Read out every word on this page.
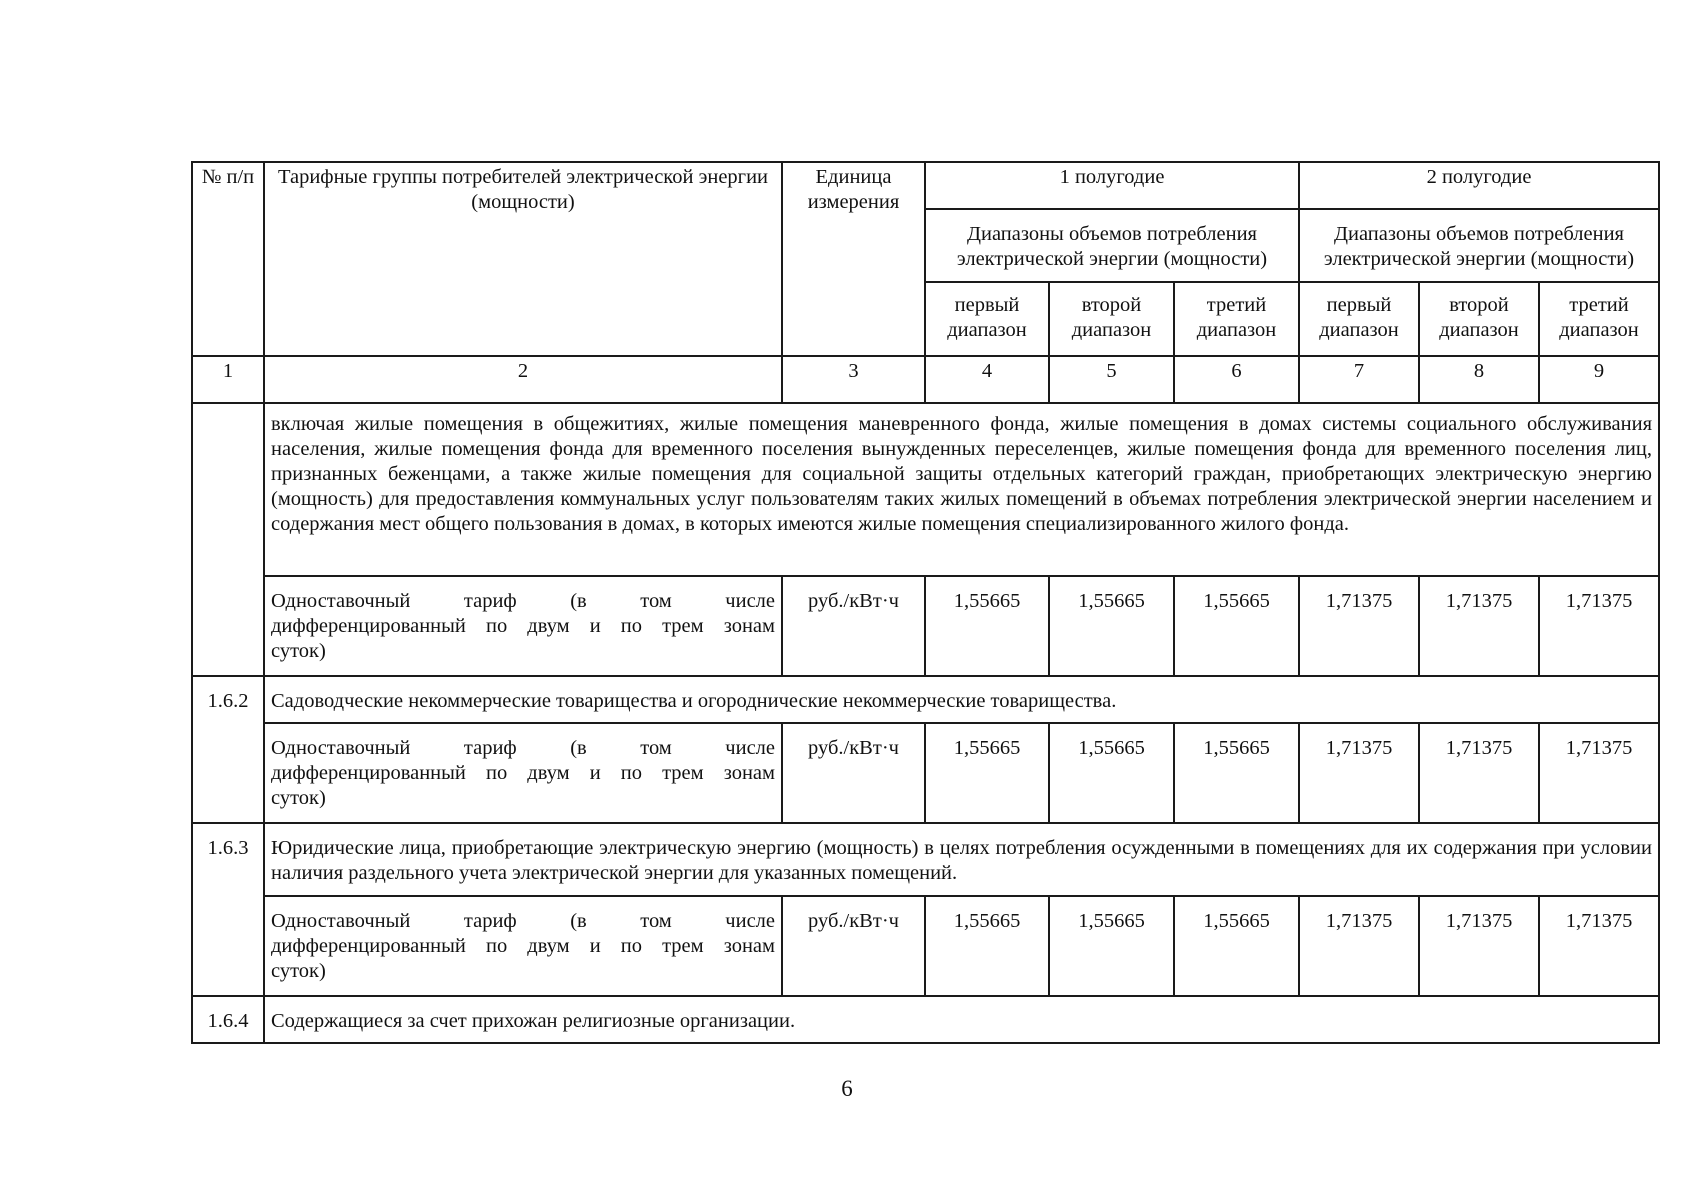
№ п/п	Тарифные группы потребителей электрической энергии (мощности)	Единица измерения	1 полугодие			2 полугодие		
			Диапазоны объемов потребления электрической энергии (мощности)			Диапазоны объемов потребления электрической энергии (мощности)		
			первый диапазон	второй диапазон	третий диапазон	первый диапазон	второй диапазон	третий диапазон
1	2	3	4	5	6	7	8	9
	включая жилые помещения в общежитиях, жилые помещения маневренного фонда, жилые помещения в домах системы социального обслуживания населения, жилые помещения фонда для временного поселения вынужденных переселенцев, жилые помещения фонда для временного поселения лиц, признанных беженцами, а также жилые помещения для социальной защиты отдельных категорий граждан, приобретающих электрическую энергию (мощность) для предоставления коммунальных услуг пользователям таких жилых помещений в объемах потребления электрической энергии населением и содержания мест общего пользования в домах, в которых имеются жилые помещения специализированного жилого фонда.							

	Одноставочный тариф (в том числе
дифференцированный по двум и по трем зонам
суток)	руб./кВт·ч	1,55665	1,55665	1,55665	1,71375	1,71375	1,71375
1.6.2	Садоводческие некоммерческие товарищества и огороднические некоммерческие товарищества.							

	Одноставочный тариф (в том числе
дифференцированный по двум и по трем зонам
суток)	руб./кВт·ч	1,55665	1,55665	1,55665	1,71375	1,71375	1,71375
1.6.3	Юридические лица, приобретающие электрическую энергию (мощность) в целях потребления осужденными в помещениях для их содержания при условии наличия раздельного учета электрической энергии для указанных помещений.							

	Одноставочный тариф (в том числе
дифференцированный по двум и по трем зонам
суток)	руб./кВт·ч	1,55665	1,55665	1,55665	1,71375	1,71375	1,71375
1.6.4	Содержащиеся за счет прихожан религиозные организации.							
6
